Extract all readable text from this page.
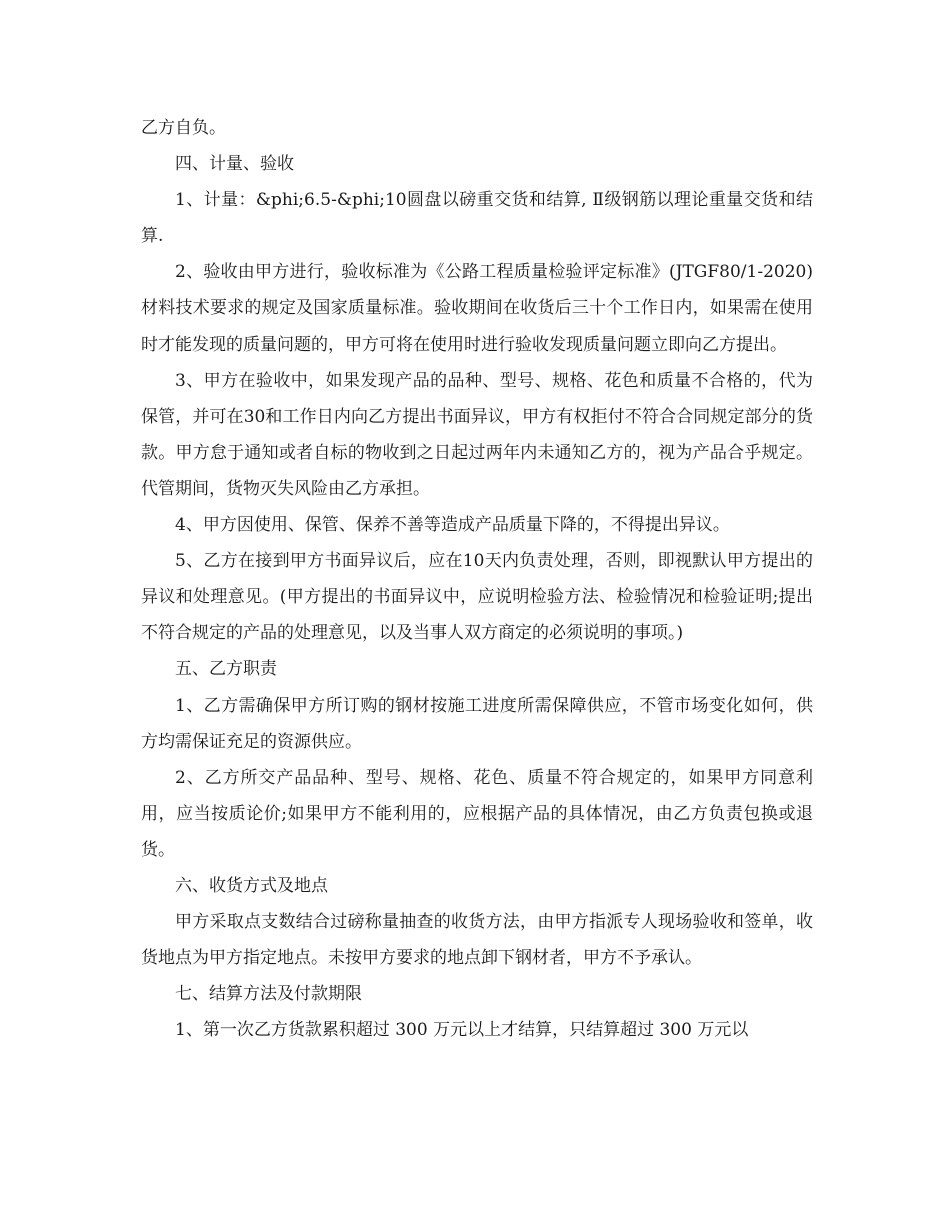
乙方自负。

四、计量、验收

1、计量：&phi;6.5-&phi;10圆盘以磅重交货和结算, Ⅱ级钢筋以理论重量交货和结算.

2、验收由甲方进行，验收标准为《公路工程质量检验评定标准》(JTGF80/1-2020)材料技术要求的规定及国家质量标准。验收期间在收货后三十个工作日内，如果需在使用时才能发现的质量问题的，甲方可将在使用时进行验收发现质量问题立即向乙方提出。

3、甲方在验收中，如果发现产品的品种、型号、规格、花色和质量不合格的，代为保管，并可在30和工作日内向乙方提出书面异议，甲方有权拒付不符合合同规定部分的货款。甲方怠于通知或者自标的物收到之日起过两年内未通知乙方的，视为产品合乎规定。代管期间，货物灭失风险由乙方承担。

4、甲方因使用、保管、保养不善等造成产品质量下降的，不得提出异议。

5、乙方在接到甲方书面异议后，应在10天内负责处理，否则，即视默认甲方提出的异议和处理意见。(甲方提出的书面异议中，应说明检验方法、检验情况和检验证明;提出不符合规定的产品的处理意见，以及当事人双方商定的必须说明的事项。)

五、乙方职责

1、乙方需确保甲方所订购的钢材按施工进度所需保障供应，不管市场变化如何，供方均需保证充足的资源供应。

2、乙方所交产品品种、型号、规格、花色、质量不符合规定的，如果甲方同意利用，应当按质论价;如果甲方不能利用的，应根据产品的具体情况，由乙方负责包换或退货。

六、收货方式及地点

甲方采取点支数结合过磅称量抽查的收货方法，由甲方指派专人现场验收和签单，收货地点为甲方指定地点。未按甲方要求的地点卸下钢材者，甲方不予承认。

七、结算方法及付款期限

1、第一次乙方货款累积超过 300 万元以上才结算，只结算超过 300 万元以
